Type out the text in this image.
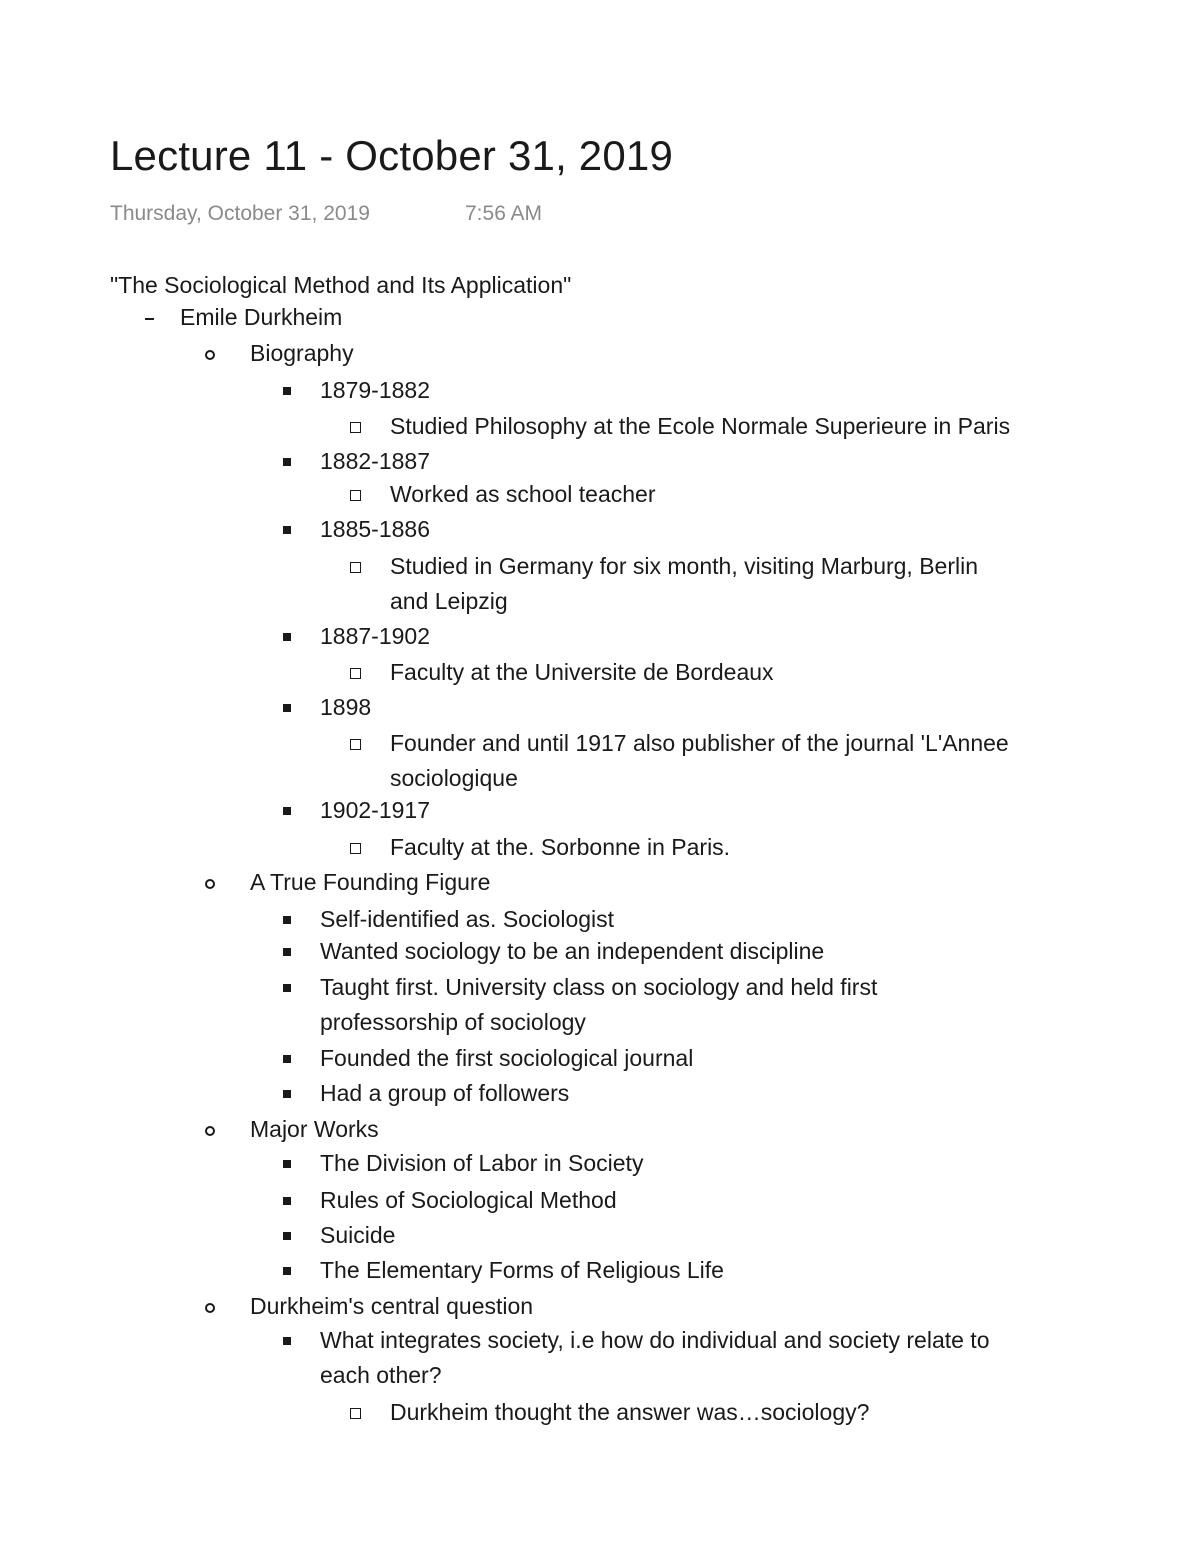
Lecture 11 - October 31, 2019
Thursday, October 31, 2019	7:56 AM
"The Sociological Method and Its Application"
Emile Durkheim
Biography
1879-1882
Studied Philosophy at the Ecole Normale Superieure in Paris
1882-1887
Worked as school teacher
1885-1886
Studied in Germany for six month, visiting Marburg, Berlin
and Leipzig
1887-1902
Faculty at the Universite de Bordeaux
1898
Founder and until 1917 also publisher of the journal 'L'Annee
sociologique
1902-1917
Faculty at the. Sorbonne in Paris.
A True Founding Figure
Self-identified as. Sociologist
Wanted sociology to be an independent discipline
Taught first. University class on sociology and held first
professorship of sociology
Founded the first sociological journal
Had a group of followers
Major Works
The Division of Labor in Society
Rules of Sociological Method
Suicide
The Elementary Forms of Religious Life
Durkheim's central question
What integrates society, i.e how do individual and society relate to
each other?
Durkheim thought the answer was…sociology?
